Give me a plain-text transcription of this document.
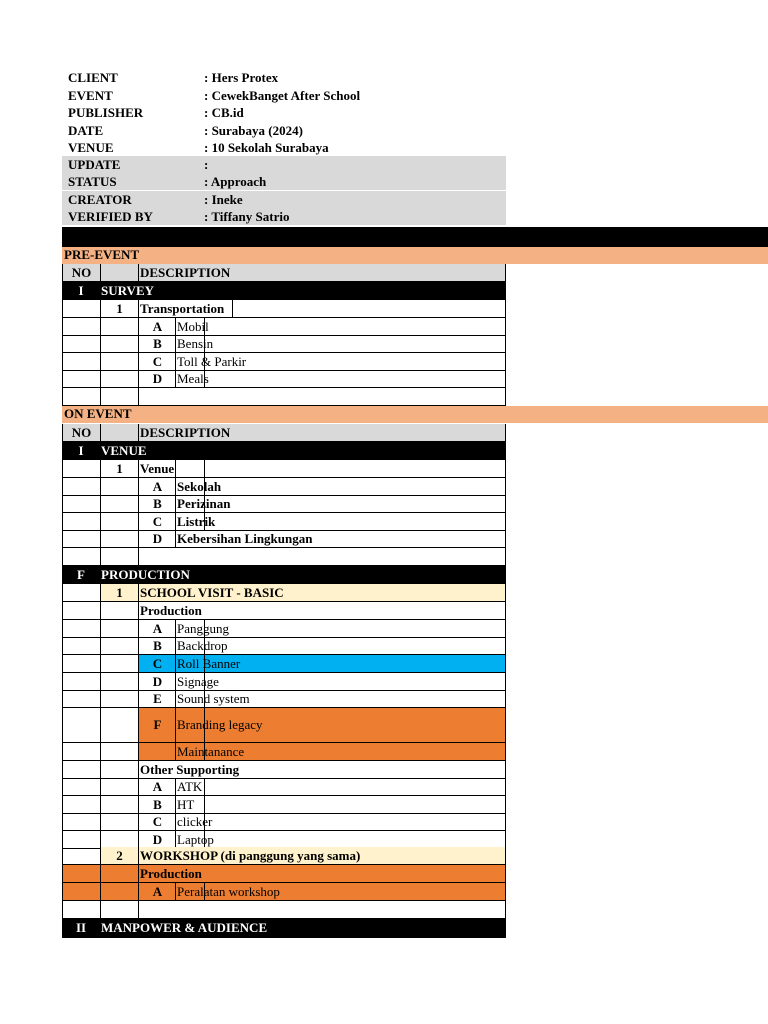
CLIENT	: Hers Protex
EVENT	: CewekBanget After School
PUBLISHER	: CB.id
DATE	: Surabaya (2024)
VENUE	: 10 Sekolah Surabaya
UPDATE	:
STATUS	: Approach
CREATOR	: Ineke
VERIFIED BY	: Tiffany Satrio
PRE-EVENT
NO	DESCRIPTION
I	SURVEY
1	Transportation
A	Mobil
B	Bensin
C	Toll & Parkir
D	Meals
ON EVENT
NO	DESCRIPTION
I	VENUE
1	Venue
A	Sekolah
B	Perizinan
C	Listrik
D	Kebersihan Lingkungan
F	PRODUCTION
1	SCHOOL VISIT - BASIC
Production
A	Panggung
B	Backdrop
C	Roll Banner
D	Signage
E	Sound system
F	Branding legacy
Maintanance
Other Supporting
A	ATK
B	HT
C	clicker
D	Laptop
2	WORKSHOP (di panggung yang sama)
Production
A	Peralatan workshop
II	MANPOWER & AUDIENCE
